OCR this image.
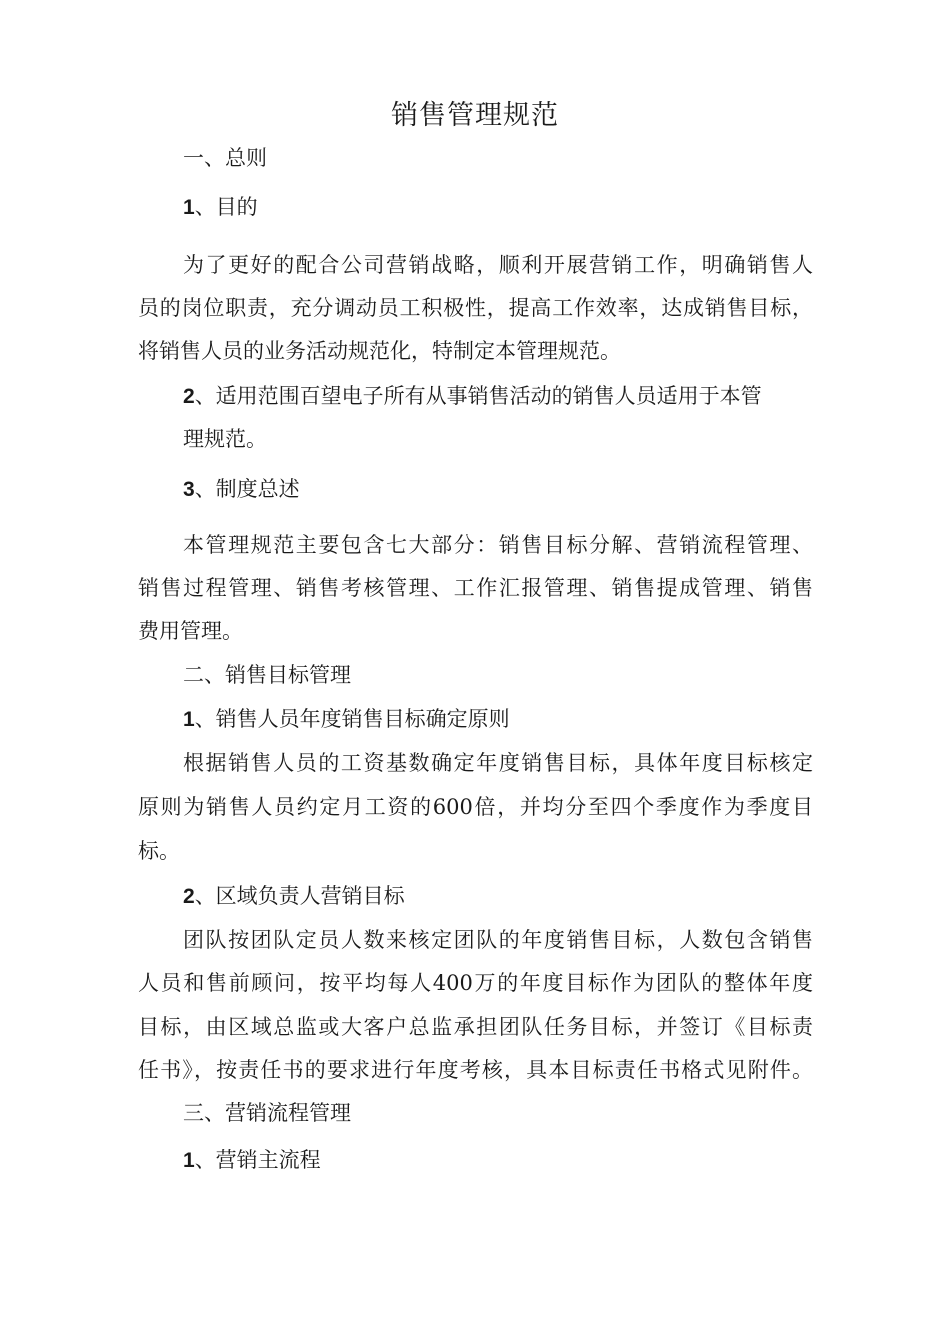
销售管理规范
一、总则
1、目的
为了更好的配合公司营销战略，顺利开展营销工作，明确销售人
员的岗位职责，充分调动员工积极性，提高工作效率，达成销售目标，
将销售人员的业务活动规范化，特制定本管理规范。
2、适用范围百望电子所有从事销售活动的销售人员适用于本管
理规范。
3、制度总述
本管理规范主要包含七大部分：销售目标分解、营销流程管理、
销售过程管理、销售考核管理、工作汇报管理、销售提成管理、销售
费用管理。
二、销售目标管理
1、销售人员年度销售目标确定原则
根据销售人员的工资基数确定年度销售目标，具体年度目标核定
原则为销售人员约定月工资的600倍，并均分至四个季度作为季度目
标。
2、区域负责人营销目标
团队按团队定员人数来核定团队的年度销售目标，人数包含销售
人员和售前顾问，按平均每人400万的年度目标作为团队的整体年度
目标，由区域总监或大客户总监承担团队任务目标，并签订《目标责
任书》，按责任书的要求进行年度考核，具本目标责任书格式见附件。
三、营销流程管理
1、营销主流程
